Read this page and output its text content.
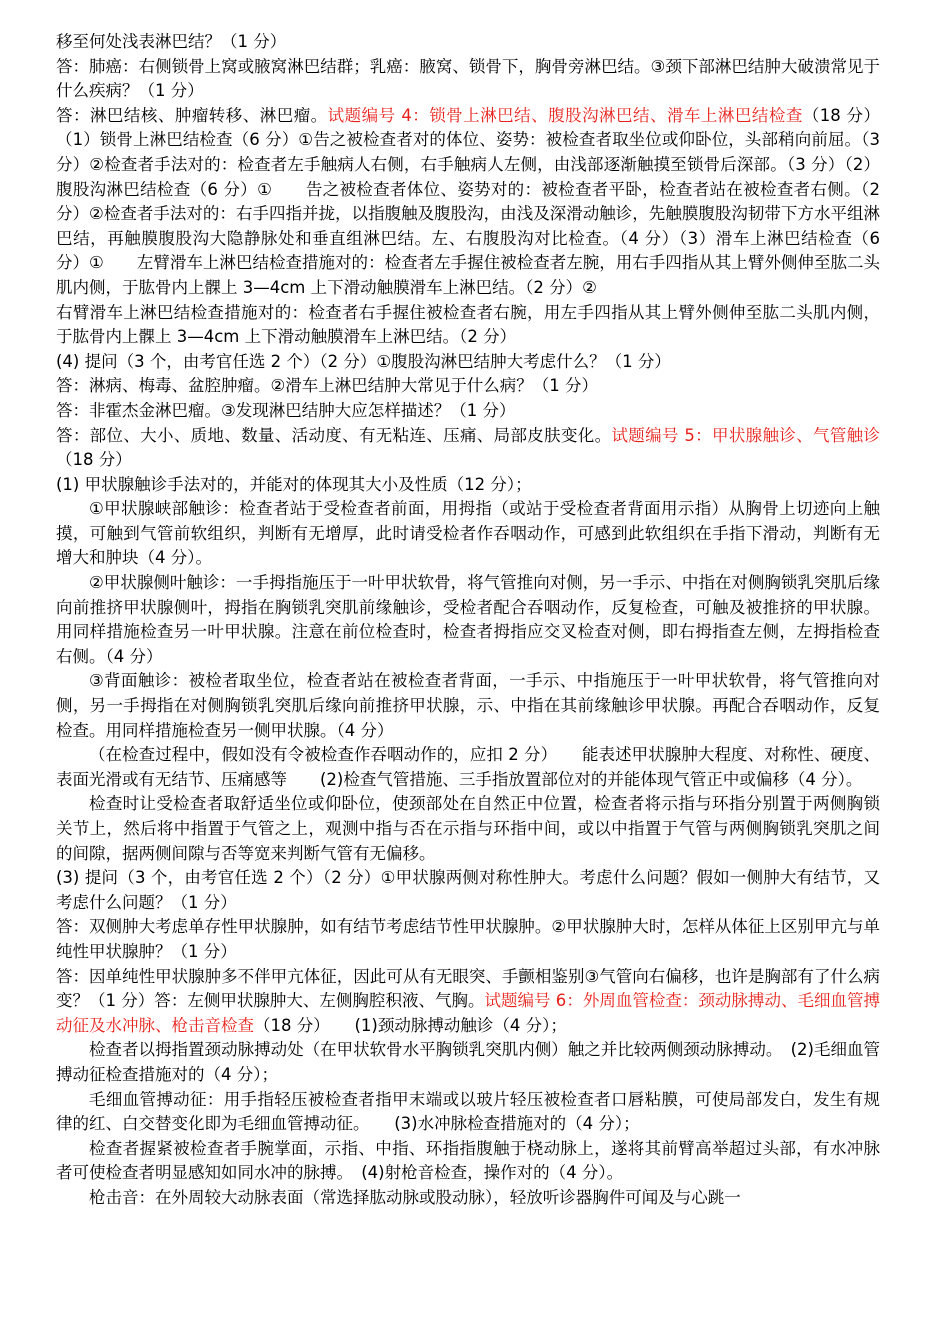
移至何处浅表淋巴结？（1 分）

答：肺癌：右侧锁骨上窝或腋窝淋巴结群；乳癌：腋窝、锁骨下，胸骨旁淋巴结。③颈下部淋巴结肿大破溃常见于什么疾病？（1 分）

答：淋巴结核、肿瘤转移、淋巴瘤。试题编号 4：锁骨上淋巴结、腹股沟淋巴结、滑车上淋巴结检查（18 分）（1）锁骨上淋巴结检查（6 分）①告之被检查者对的体位、姿势：被检查者取坐位或仰卧位，头部稍向前屈。（3 分）②检查者手法对的：检查者左手触病人右侧，右手触病人左侧，由浅部逐渐触摸至锁骨后深部。（3 分）（2）腹股沟淋巴结检查（6 分）①　　告之被检查者体位、姿势对的：被检查者平卧，检查者站在被检查者右侧。（2 分）②检查者手法对的：右手四指并拢，以指腹触及腹股沟，由浅及深滑动触诊，先触膜腹股沟韧带下方水平组淋巴结，再触膜腹股沟大隐静脉处和垂直组淋巴结。左、右腹股沟对比检查。（4 分）（3）滑车上淋巴结检查（6 分）①　　左臂滑车上淋巴结检查措施对的：检查者左手握住被检查者左腕，用右手四指从其上臂外侧伸至肱二头肌内侧，于肱骨内上髁上 3—4cm 上下滑动触膜滑车上淋巴结。（2 分）②

右臂滑车上淋巴结检查措施对的：检查者右手握住被检查者右腕，用左手四指从其上臂外侧伸至肱二头肌内侧，于肱骨内上髁上 3—4cm 上下滑动触膜滑车上淋巴结。（2 分）

(4) 提问（3 个，由考官任选 2 个）（2 分）①腹股沟淋巴结肿大考虑什么？（1 分）

答：淋病、梅毒、盆腔肿瘤。②滑车上淋巴结肿大常见于什么病？（1 分）

答：非霍杰金淋巴瘤。③发现淋巴结肿大应怎样描述？（1 分）

答：部位、大小、质地、数量、活动度、有无粘连、压痛、局部皮肤变化。试题编号 5：甲状腺触诊、气管触诊（18 分）

(1) 甲状腺触诊手法对的，并能对的体现其大小及性质（12 分）；

①甲状腺峡部触诊：检查者站于受检查者前面，用拇指（或站于受检查者背面用示指）从胸骨上切迹向上触摸，可触到气管前软组织，判断有无增厚，此时请受检者作吞咽动作，可感到此软组织在手指下滑动，判断有无增大和肿块（4 分）。

②甲状腺侧叶触诊：一手拇指施压于一叶甲状软骨，将气管推向对侧，另一手示、中指在对侧胸锁乳突肌后缘向前推挤甲状腺侧叶，拇指在胸锁乳突肌前缘触诊，受检者配合吞咽动作，反复检查，可触及被推挤的甲状腺。用同样措施检查另一叶甲状腺。注意在前位检查时，检查者拇指应交叉检查对侧，即右拇指查左侧，左拇指检查右侧。（4 分）

③背面触诊：被检者取坐位，检查者站在被检查者背面，一手示、中指施压于一叶甲状软骨，将气管推向对侧，另一手拇指在对侧胸锁乳突肌后缘向前推挤甲状腺，示、中指在其前缘触诊甲状腺。再配合吞咽动作，反复检查。用同样措施检查另一侧甲状腺。（4 分）

（在检查过程中，假如没有令被检查作吞咽动作的，应扣 2 分）　　能表述甲状腺肿大程度、对称性、硬度、表面光滑或有无结节、压痛感等　　(2)检查气管措施、三手指放置部位对的并能体现气管正中或偏移（4 分）。

检查时让受检查者取舒适坐位或仰卧位，使颈部处在自然正中位置，检查者将示指与环指分别置于两侧胸锁关节上，然后将中指置于气管之上，观测中指与否在示指与环指中间，或以中指置于气管与两侧胸锁乳突肌之间的间隙，据两侧间隙与否等宽来判断气管有无偏移。

(3) 提问（3 个，由考官任选 2 个）（2 分）①甲状腺两侧对称性肿大。考虑什么问题？假如一侧肿大有结节，又考虑什么问题？（1 分）

答：双侧肿大考虑单存性甲状腺肿，如有结节考虑结节性甲状腺肿。②甲状腺肿大时，怎样从体征上区别甲亢与单纯性甲状腺肿？（1 分）

答：因单纯性甲状腺肿多不伴甲亢体征，因此可从有无眼突、手颤相鉴别③气管向右偏移，也许是胸部有了什么病变？（1 分）答：左侧甲状腺肿大、左侧胸腔积液、气胸。试题编号 6：外周血管检查：颈动脉搏动、毛细血管搏动征及水冲脉、枪击音检查（18 分）　　(1)颈动脉搏动触诊（4 分）；

检查者以拇指置颈动脉搏动处（在甲状软骨水平胸锁乳突肌内侧）触之并比较两侧颈动脉搏动。　(2)毛细血管搏动征检查措施对的（4 分）；

毛细血管搏动征：用手指轻压被检查者指甲末端或以玻片轻压被检查者口唇粘膜，可使局部发白，发生有规律的红、白交替变化即为毛细血管搏动征。　　(3)水冲脉检查措施对的（4 分）；

检查者握紧被检查者手腕掌面，示指、中指、环指指腹触于桡动脉上，遂将其前臂高举超过头部，有水冲脉者可使检查者明显感知如同水冲的脉搏。　(4)射枪音检查，操作对的（4 分）。

枪击音：在外周较大动脉表面（常选择肱动脉或股动脉），轻放听诊器胸件可闻及与心跳一
